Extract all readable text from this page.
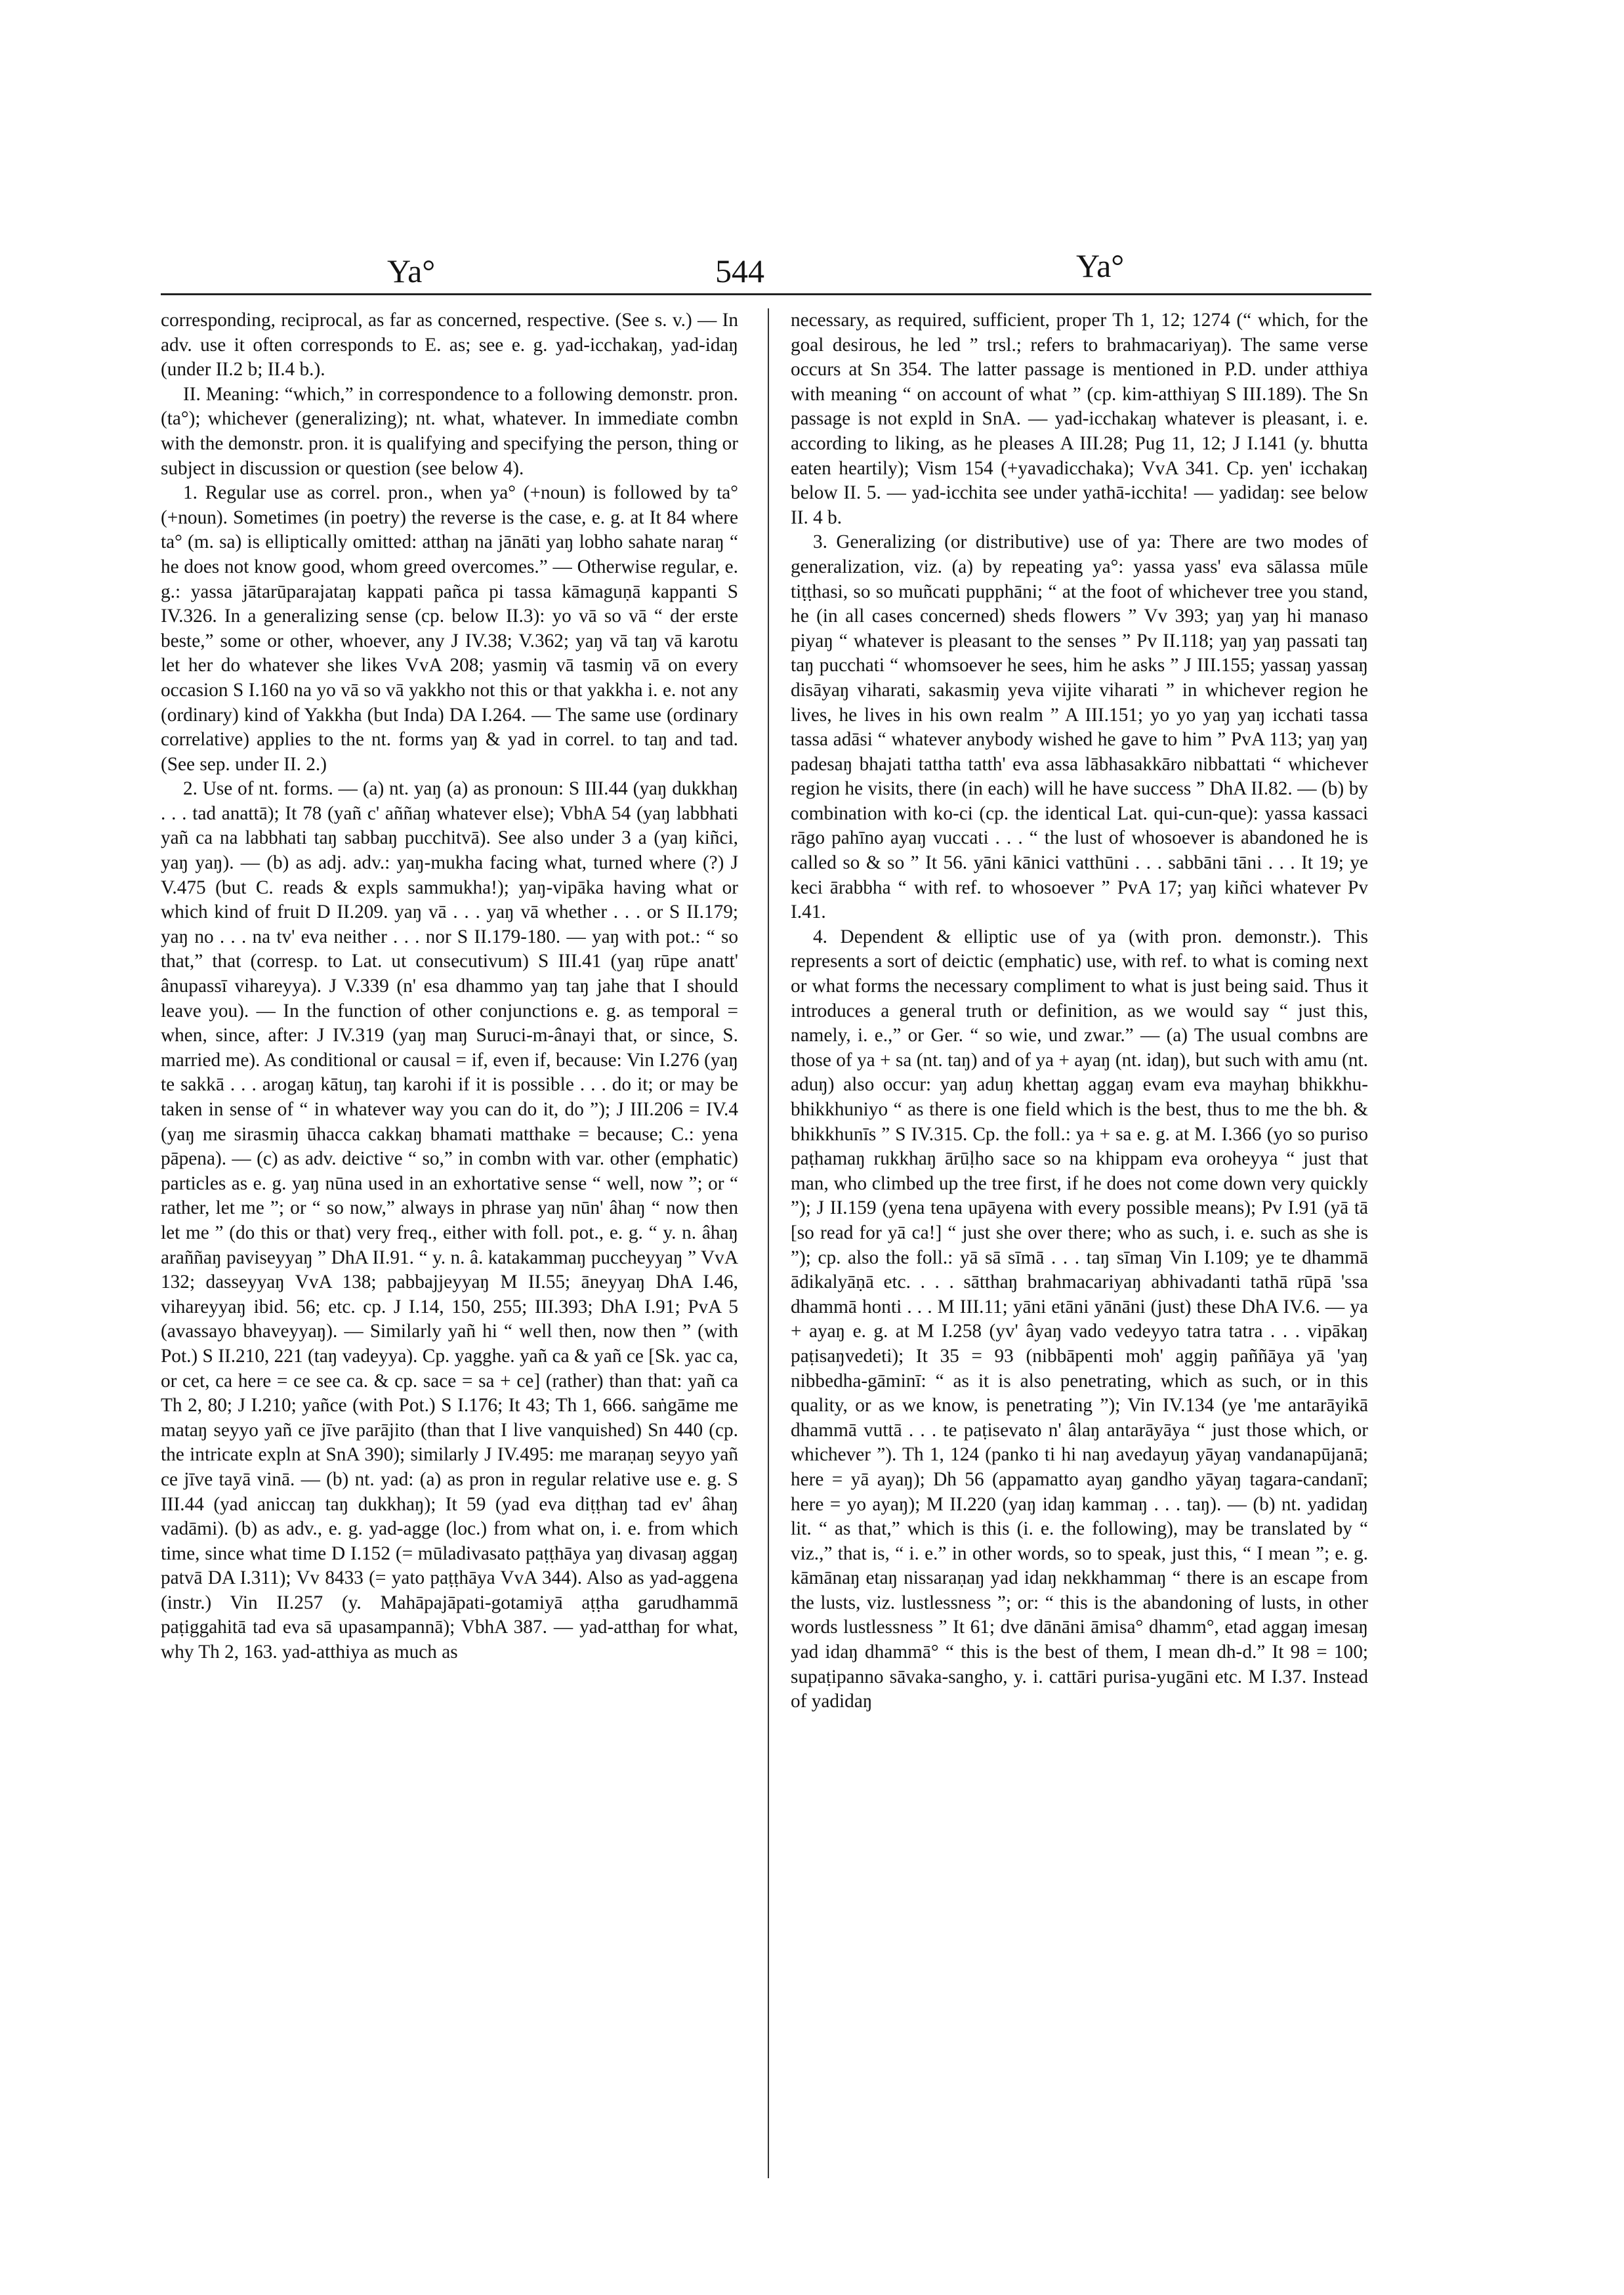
Ya°	544	Ya°

corresponding, reciprocal, as far as concerned, respective. (See s. v.) — In adv. use it often corresponds to E. as; see e. g. yad-icchakaŋ, yad-idaŋ (under II.2 b; II.4 b.).

II. Meaning: “which,” in correspondence to a following demonstr. pron. (ta°); whichever (generalizing); nt. what, whatever. In immediate combn with the demonstr. pron. it is qualifying and specifying the person, thing or subject in discussion or question (see below 4).

1. Regular use as correl. pron., when ya° (+noun) is followed by ta° (+noun). Sometimes (in poetry) the reverse is the case, e. g. at It 84 where ta° (m. sa) is elliptically omitted: atthaŋ na jānāti yaŋ lobho sahate naraŋ “ he does not know good, whom greed overcomes.” — Otherwise regular, e. g.: yassa jātarūparajataŋ kappati pañca pi tassa kāmaguṇā kappanti S IV.326. In a generalizing sense (cp. below II.3): yo vā so vā “ der erste beste,” some or other, whoever, any J IV.38; V.362; yaŋ vā taŋ vā karotu let her do whatever she likes VvA 208; yasmiŋ vā tasmiŋ vā on every occasion S I.160 na yo vā so vā yakkho not this or that yakkha i. e. not any (ordinary) kind of Yakkha (but Inda) DA I.264. — The same use (ordinary correlative) applies to the nt. forms yaŋ & yad in correl. to taŋ and tad. (See sep. under II. 2.)

2. Use of nt. forms. — (a) nt. yaŋ (a) as pronoun: S III.44 (yaŋ dukkhaŋ . . . tad anattā); It 78 (yañ c' aññaŋ whatever else); VbhA 54 (yaŋ labbhati yañ ca na labbhati taŋ sabbaŋ pucchitvā). See also under 3 a (yaŋ kiñci, yaŋ yaŋ). — (b) as adj. adv.: yaŋ-mukha facing what, turned where (?) J V.475 (but C. reads & expls sammukha!); yaŋ-vipāka having what or which kind of fruit D II.209. yaŋ vā . . . yaŋ vā whether . . . or S II.179; yaŋ no . . . na tv' eva neither . . . nor S II.179-180. — yaŋ with pot.: “ so that,” that (corresp. to Lat. ut consecutivum) S III.41 (yaŋ rūpe anatt' ânupassī vihareyya). J V.339 (n' esa dhammo yaŋ taŋ jahe that I should leave you). — In the function of other conjunctions e. g. as temporal = when, since, after: J IV.319 (yaŋ maŋ Suruci-m-ânayi that, or since, S. married me). As conditional or causal = if, even if, because: Vin I.276 (yaŋ te sakkā . . . arogaŋ kātuŋ, taŋ karohi if it is possible . . . do it; or may be taken in sense of “ in whatever way you can do it, do ”); J III.206 = IV.4 (yaŋ me sirasmiŋ ūhacca cakkaŋ bhamati matthake = because; C.: yena pāpena). — (c) as adv. deictive “ so,” in combn with var. other (emphatic) particles as e. g. yaŋ nūna used in an exhortative sense “ well, now ”; or “ rather, let me ”; or “ so now,” always in phrase yaŋ nūn' âhaŋ “ now then let me ” (do this or that) very freq., either with foll. pot., e. g. “ y. n. âhaŋ araññaŋ paviseyyaŋ ” DhA II.91. “ y. n. â. katakammaŋ puccheyyaŋ ” VvA 132; dasseyyaŋ VvA 138; pabbajjeyyaŋ M II.55; āneyyaŋ DhA I.46, vihareyyaŋ ibid. 56; etc. cp. J I.14, 150, 255; III.393; DhA I.91; PvA 5 (avassayo bhaveyyaŋ). — Similarly yañ hi “ well then, now then ” (with Pot.) S II.210, 221 (taŋ vadeyya). Cp. yagghe. yañ ca & yañ ce [Sk. yac ca, or cet, ca here = ce see ca. & cp. sace = sa + ce] (rather) than that: yañ ca Th 2, 80; J I.210; yañce (with Pot.) S I.176; It 43; Th 1, 666. saṅgāme me mataŋ seyyo yañ ce jīve parājito (than that I live vanquished) Sn 440 (cp. the intricate expln at SnA 390); similarly J IV.495: me maraṇaŋ seyyo yañ ce jīve tayā vinā. — (b) nt. yad: (a) as pron in regular relative use e. g. S III.44 (yad aniccaŋ taŋ dukkhaŋ); It 59 (yad eva diṭṭhaŋ tad ev' âhaŋ vadāmi). (b) as adv., e. g. yad-agge (loc.) from what on, i. e. from which time, since what time D I.152 (= mūladivasato paṭṭhāya yaŋ divasaŋ aggaŋ patvā DA I.311); Vv 8433 (= yato paṭṭhāya VvA 344). Also as yad-aggena (instr.) Vin II.257 (y. Mahāpajāpati-gotamiyā aṭṭha garudhammā paṭiggahitā tad eva sā upasampannā); VbhA 387. — yad-atthaŋ for what, why Th 2, 163. yad-atthiya as much as

necessary, as required, sufficient, proper Th 1, 12; 1274 (“ which, for the goal desirous, he led ” trsl.; refers to brahmacariyaŋ). The same verse occurs at Sn 354. The latter passage is mentioned in P.D. under atthiya with meaning “ on account of what ” (cp. kim-atthiyaŋ S III.189). The Sn passage is not expld in SnA. — yad-icchakaŋ whatever is pleasant, i. e. according to liking, as he pleases A III.28; Pug 11, 12; J I.141 (y. bhutta eaten heartily); Vism 154 (+yavadicchaka); VvA 341. Cp. yen' icchakaŋ below II. 5. — yad-icchita see under yathā-icchita! — yadidaŋ: see below II. 4 b.

3. Generalizing (or distributive) use of ya: There are two modes of generalization, viz. (a) by repeating ya°: yassa yass' eva sālassa mūle tiṭṭhasi, so so muñcati pupphāni; “ at the foot of whichever tree you stand, he (in all cases concerned) sheds flowers ” Vv 393; yaŋ yaŋ hi manaso piyaŋ “ whatever is pleasant to the senses ” Pv II.118; yaŋ yaŋ passati taŋ taŋ pucchati “ whomsoever he sees, him he asks ” J III.155; yassaŋ yassaŋ disāyaŋ viharati, sakasmiŋ yeva vijite viharati ” in whichever region he lives, he lives in his own realm ” A III.151; yo yo yaŋ yaŋ icchati tassa tassa adāsi “ whatever anybody wished he gave to him ” PvA 113; yaŋ yaŋ padesaŋ bhajati tattha tatth' eva assa lābhasakkāro nibbattati “ whichever region he visits, there (in each) will he have success ” DhA II.82. — (b) by combination with ko-ci (cp. the identical Lat. qui-cun-que): yassa kassaci rāgo pahīno ayaŋ vuccati . . . “ the lust of whosoever is abandoned he is called so & so ” It 56. yāni kānici vatthūni . . . sabbāni tāni . . . It 19; ye keci ārabbha “ with ref. to whosoever ” PvA 17; yaŋ kiñci whatever Pv I.41.

4. Dependent & elliptic use of ya (with pron. demonstr.). This represents a sort of deictic (emphatic) use, with ref. to what is coming next or what forms the necessary compliment to what is just being said. Thus it introduces a general truth or definition, as we would say “ just this, namely, i. e.,” or Ger. “ so wie, und zwar.” — (a) The usual combns are those of ya + sa (nt. taŋ) and of ya + ayaŋ (nt. idaŋ), but such with amu (nt. aduŋ) also occur: yaŋ aduŋ khettaŋ aggaŋ evam eva mayhaŋ bhikkhu-bhikkhuniyo “ as there is one field which is the best, thus to me the bh. & bhikkhunīs ” S IV.315. Cp. the foll.: ya + sa e. g. at M. I.366 (yo so puriso paṭhamaŋ rukkhaŋ ārūḷho sace so na khippam eva oroheyya “ just that man, who climbed up the tree first, if he does not come down very quickly ”); J II.159 (yena tena upāyena with every possible means); Pv I.91 (yā tā [so read for yā ca!] “ just she over there; who as such, i. e. such as she is ”); cp. also the foll.: yā sā sīmā . . . taŋ sīmaŋ Vin I.109; ye te dhammā ādikalyāṇā etc. . . . sātthaŋ brahmacariyaŋ abhivadanti tathā rūpā 'ssa dhammā honti . . . M III.11; yāni etāni yānāni (just) these DhA IV.6. — ya + ayaŋ e. g. at M I.258 (yv' âyaŋ vado vedeyyo tatra tatra . . . vipākaŋ paṭisaŋvedeti); It 35 = 93 (nibbāpenti moh' aggiŋ paññāya yā 'yaŋ nibbedha-gāminī: “ as it is also penetrating, which as such, or in this quality, or as we know, is penetrating ”); Vin IV.134 (ye 'me antarāyikā dhammā vuttā . . . te paṭisevato n' âlaŋ antarāyāya “ just those which, or whichever ”). Th 1, 124 (panko ti hi naŋ avedayuŋ yāyaŋ vandanapūjanā; here = yā ayaŋ); Dh 56 (appamatto ayaŋ gandho yāyaŋ tagara-candanī; here = yo ayaŋ); M II.220 (yaŋ idaŋ kammaŋ . . . taŋ). — (b) nt. yadidaŋ lit. “ as that,” which is this (i. e. the following), may be translated by “ viz.,” that is, “ i. e.” in other words, so to speak, just this, “ I mean ”; e. g. kāmānaŋ etaŋ nissaraṇaŋ yad idaŋ nekkhammaŋ “ there is an escape from the lusts, viz. lustlessness ”; or: “ this is the abandoning of lusts, in other words lustlessness ” It 61; dve dānāni āmisa° dhamm°, etad aggaŋ imesaŋ yad idaŋ dhammā° “ this is the best of them, I mean dh-d.” It 98 = 100; supaṭipanno sāvaka-sangho, y. i. cattāri purisa-yugāni etc. M I.37. Instead of yadidaŋ
